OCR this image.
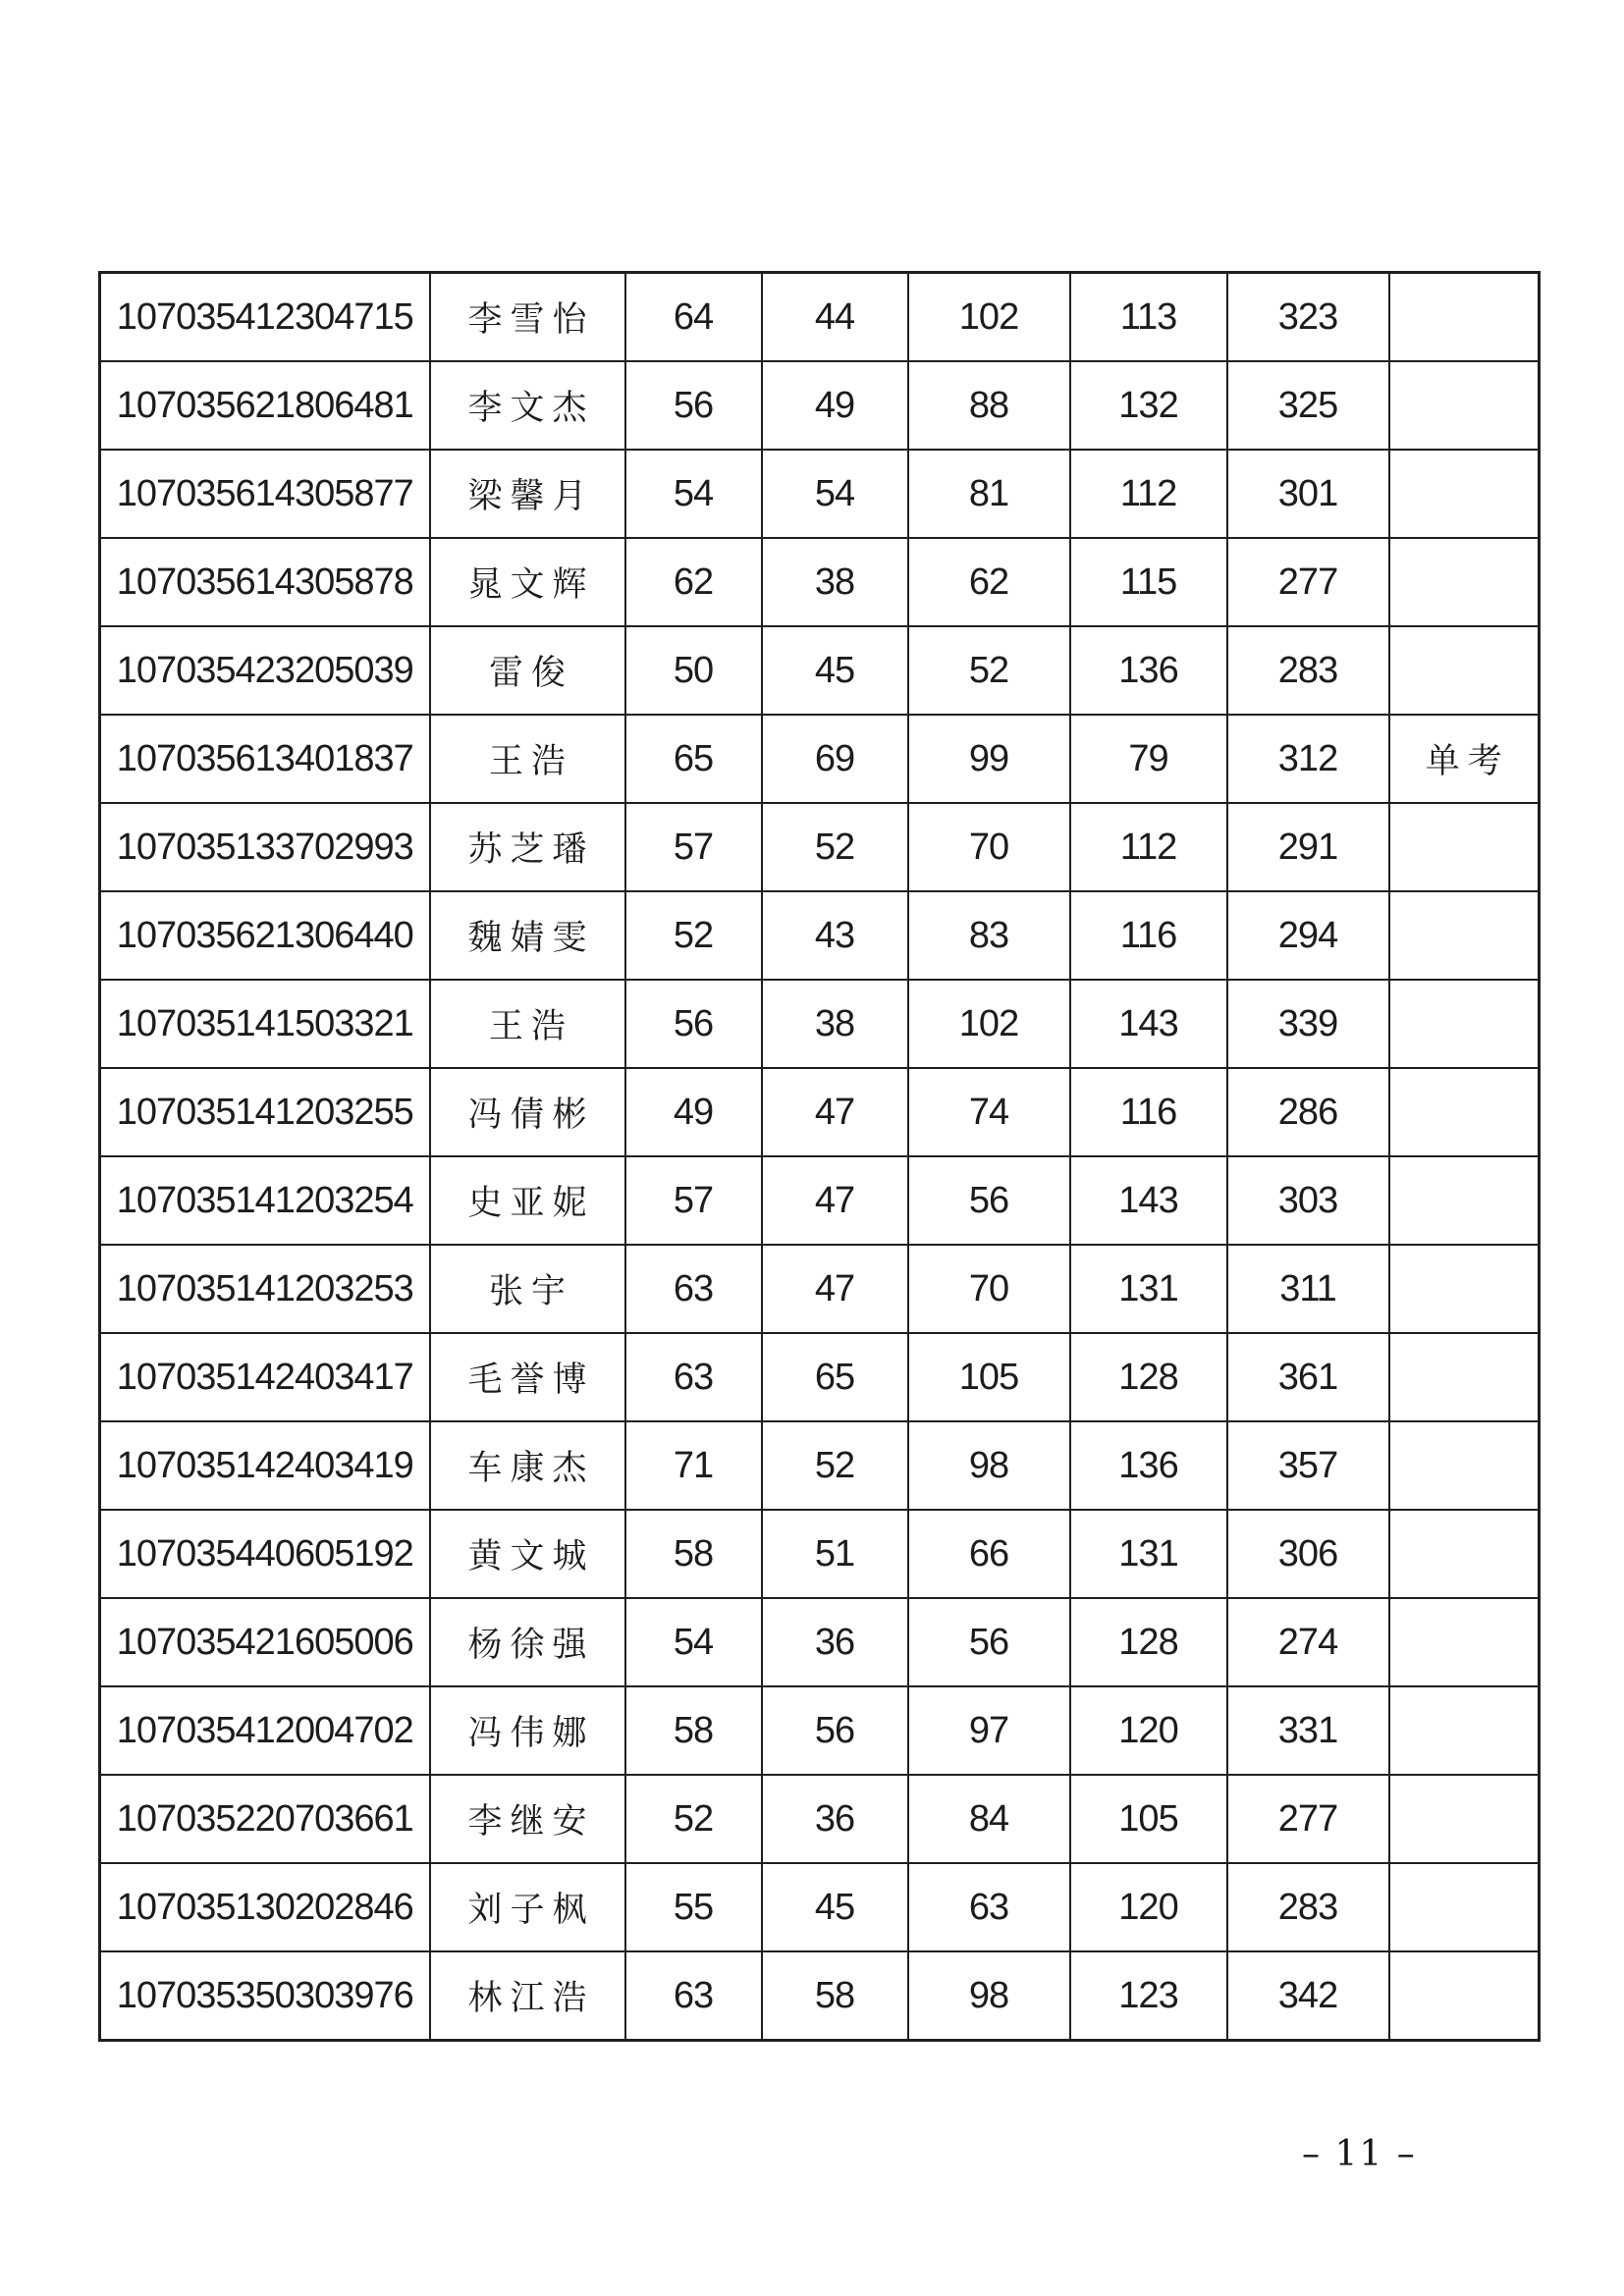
107035412304715	李雪怡	64	44	102	113	323	
107035621806481	李文杰	56	49	88	132	325	
107035614305877	梁馨月	54	54	81	112	301	
107035614305878	晁文辉	62	38	62	115	277	
107035423205039	雷俊	50	45	52	136	283	
107035613401837	王浩	65	69	99	79	312	单考
107035133702993	苏芝璠	57	52	70	112	291	
107035621306440	魏婧雯	52	43	83	116	294	
107035141503321	王浩	56	38	102	143	339	
107035141203255	冯倩彬	49	47	74	116	286	
107035141203254	史亚妮	57	47	56	143	303	
107035141203253	张宇	63	47	70	131	311	
107035142403417	毛誉博	63	65	105	128	361	
107035142403419	车康杰	71	52	98	136	357	
107035440605192	黄文城	58	51	66	131	306	
107035421605006	杨徐强	54	36	56	128	274	
107035412004702	冯伟娜	58	56	97	120	331	
107035220703661	李继安	52	36	84	105	277	
107035130202846	刘子枫	55	45	63	120	283	
107035350303976	林江浩	63	58	98	123	342	
– 11 –
